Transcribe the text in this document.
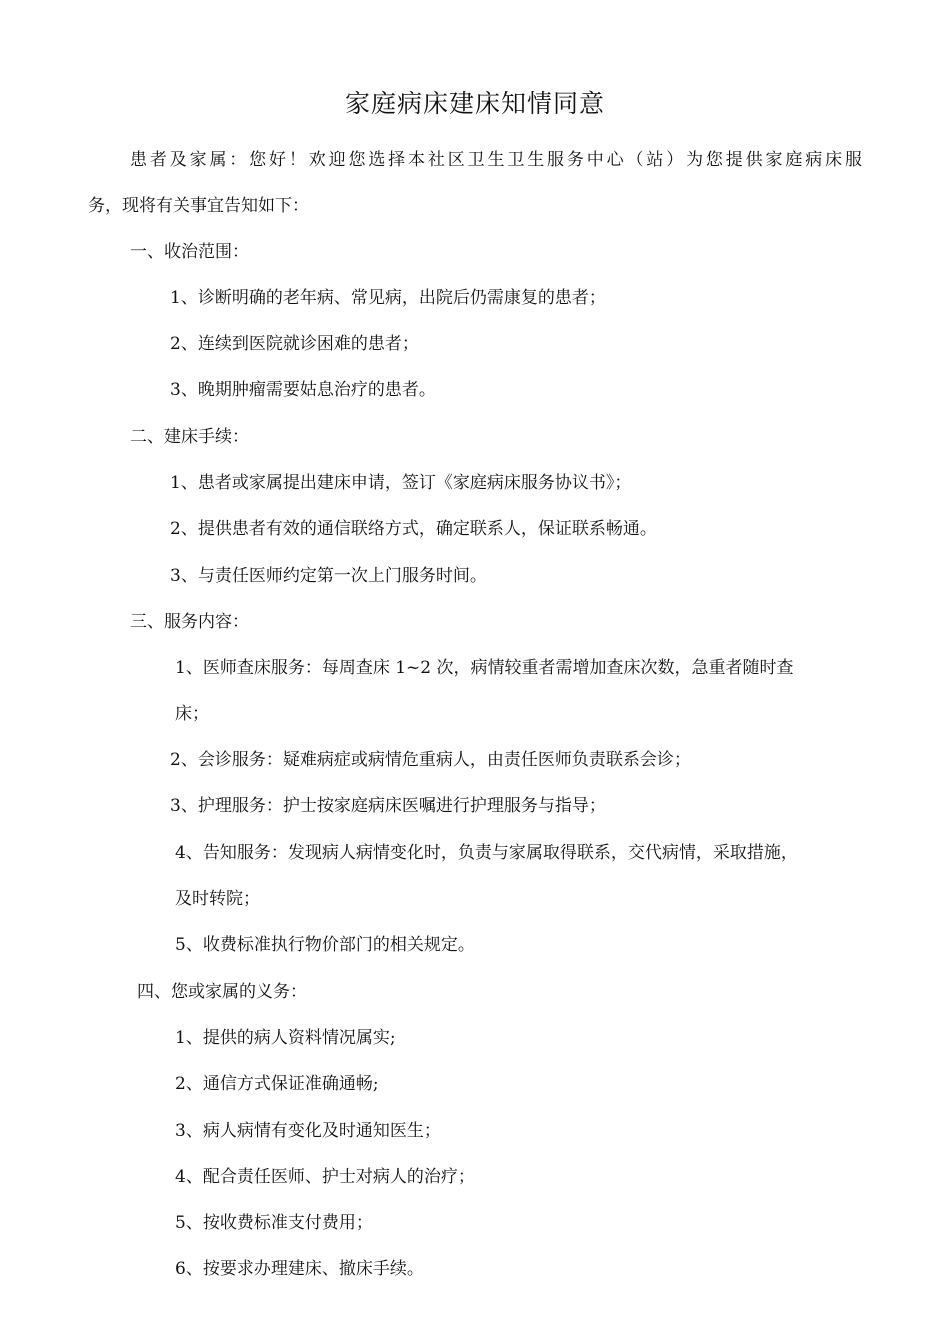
家庭病床建床知情同意
患 者 及 家 属 ： 您 好 ！ 欢 迎 您 选 择 本 社 区 卫 生 卫 生 服 务 中 心 （ 站 ） 为 您 提 供 家 庭 病 床 服
务，现将有关事宜告知如下：
一、收治范围：
1、诊断明确的老年病、常见病，出院后仍需康复的患者；
2、连续到医院就诊困难的患者；
3、晚期肿瘤需要姑息治疗的患者。
二、建床手续：
1、患者或家属提出建床申请，签订《家庭病床服务协议书》；
2、提供患者有效的通信联络方式，确定联系人，保证联系畅通。
3、与责任医师约定第一次上门服务时间。
三、服务内容：
1、医师查床服务：每周查床 1~2 次，病情较重者需增加查床次数，急重者随时查
床；
2、会诊服务：疑难病症或病情危重病人，由责任医师负责联系会诊；
3、护理服务：护士按家庭病床医嘱进行护理服务与指导；
4、告知服务：发现病人病情变化时，负责与家属取得联系，交代病情，采取措施，
及时转院；
5、收费标准执行物价部门的相关规定。
四、您或家属的义务：
1、提供的病人资料情况属实;
2、通信方式保证准确通畅;
3、病人病情有变化及时通知医生；
4、配合责任医师、护士对病人的治疗；
5、按收费标准支付费用；
6、按要求办理建床、撤床手续。
